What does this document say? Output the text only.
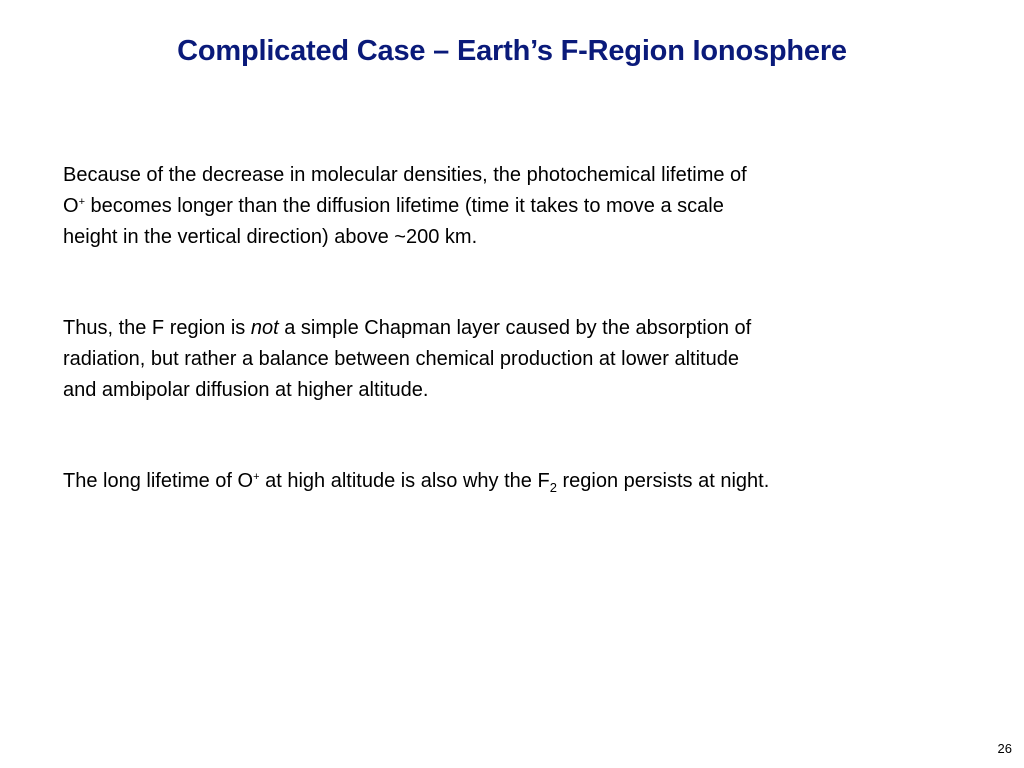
Complicated Case – Earth’s F-Region Ionosphere
Because of the decrease in molecular densities, the photochemical lifetime of
O+ becomes longer than the diffusion lifetime (time it takes to move a scale
height in the vertical direction) above ~200 km.
Thus, the F region is not a simple Chapman layer caused by the absorption of
radiation, but rather a balance between chemical production at lower altitude
and ambipolar diffusion at higher altitude.
The long lifetime of O+ at high altitude is also why the $F_2$ region persists at night.
26
